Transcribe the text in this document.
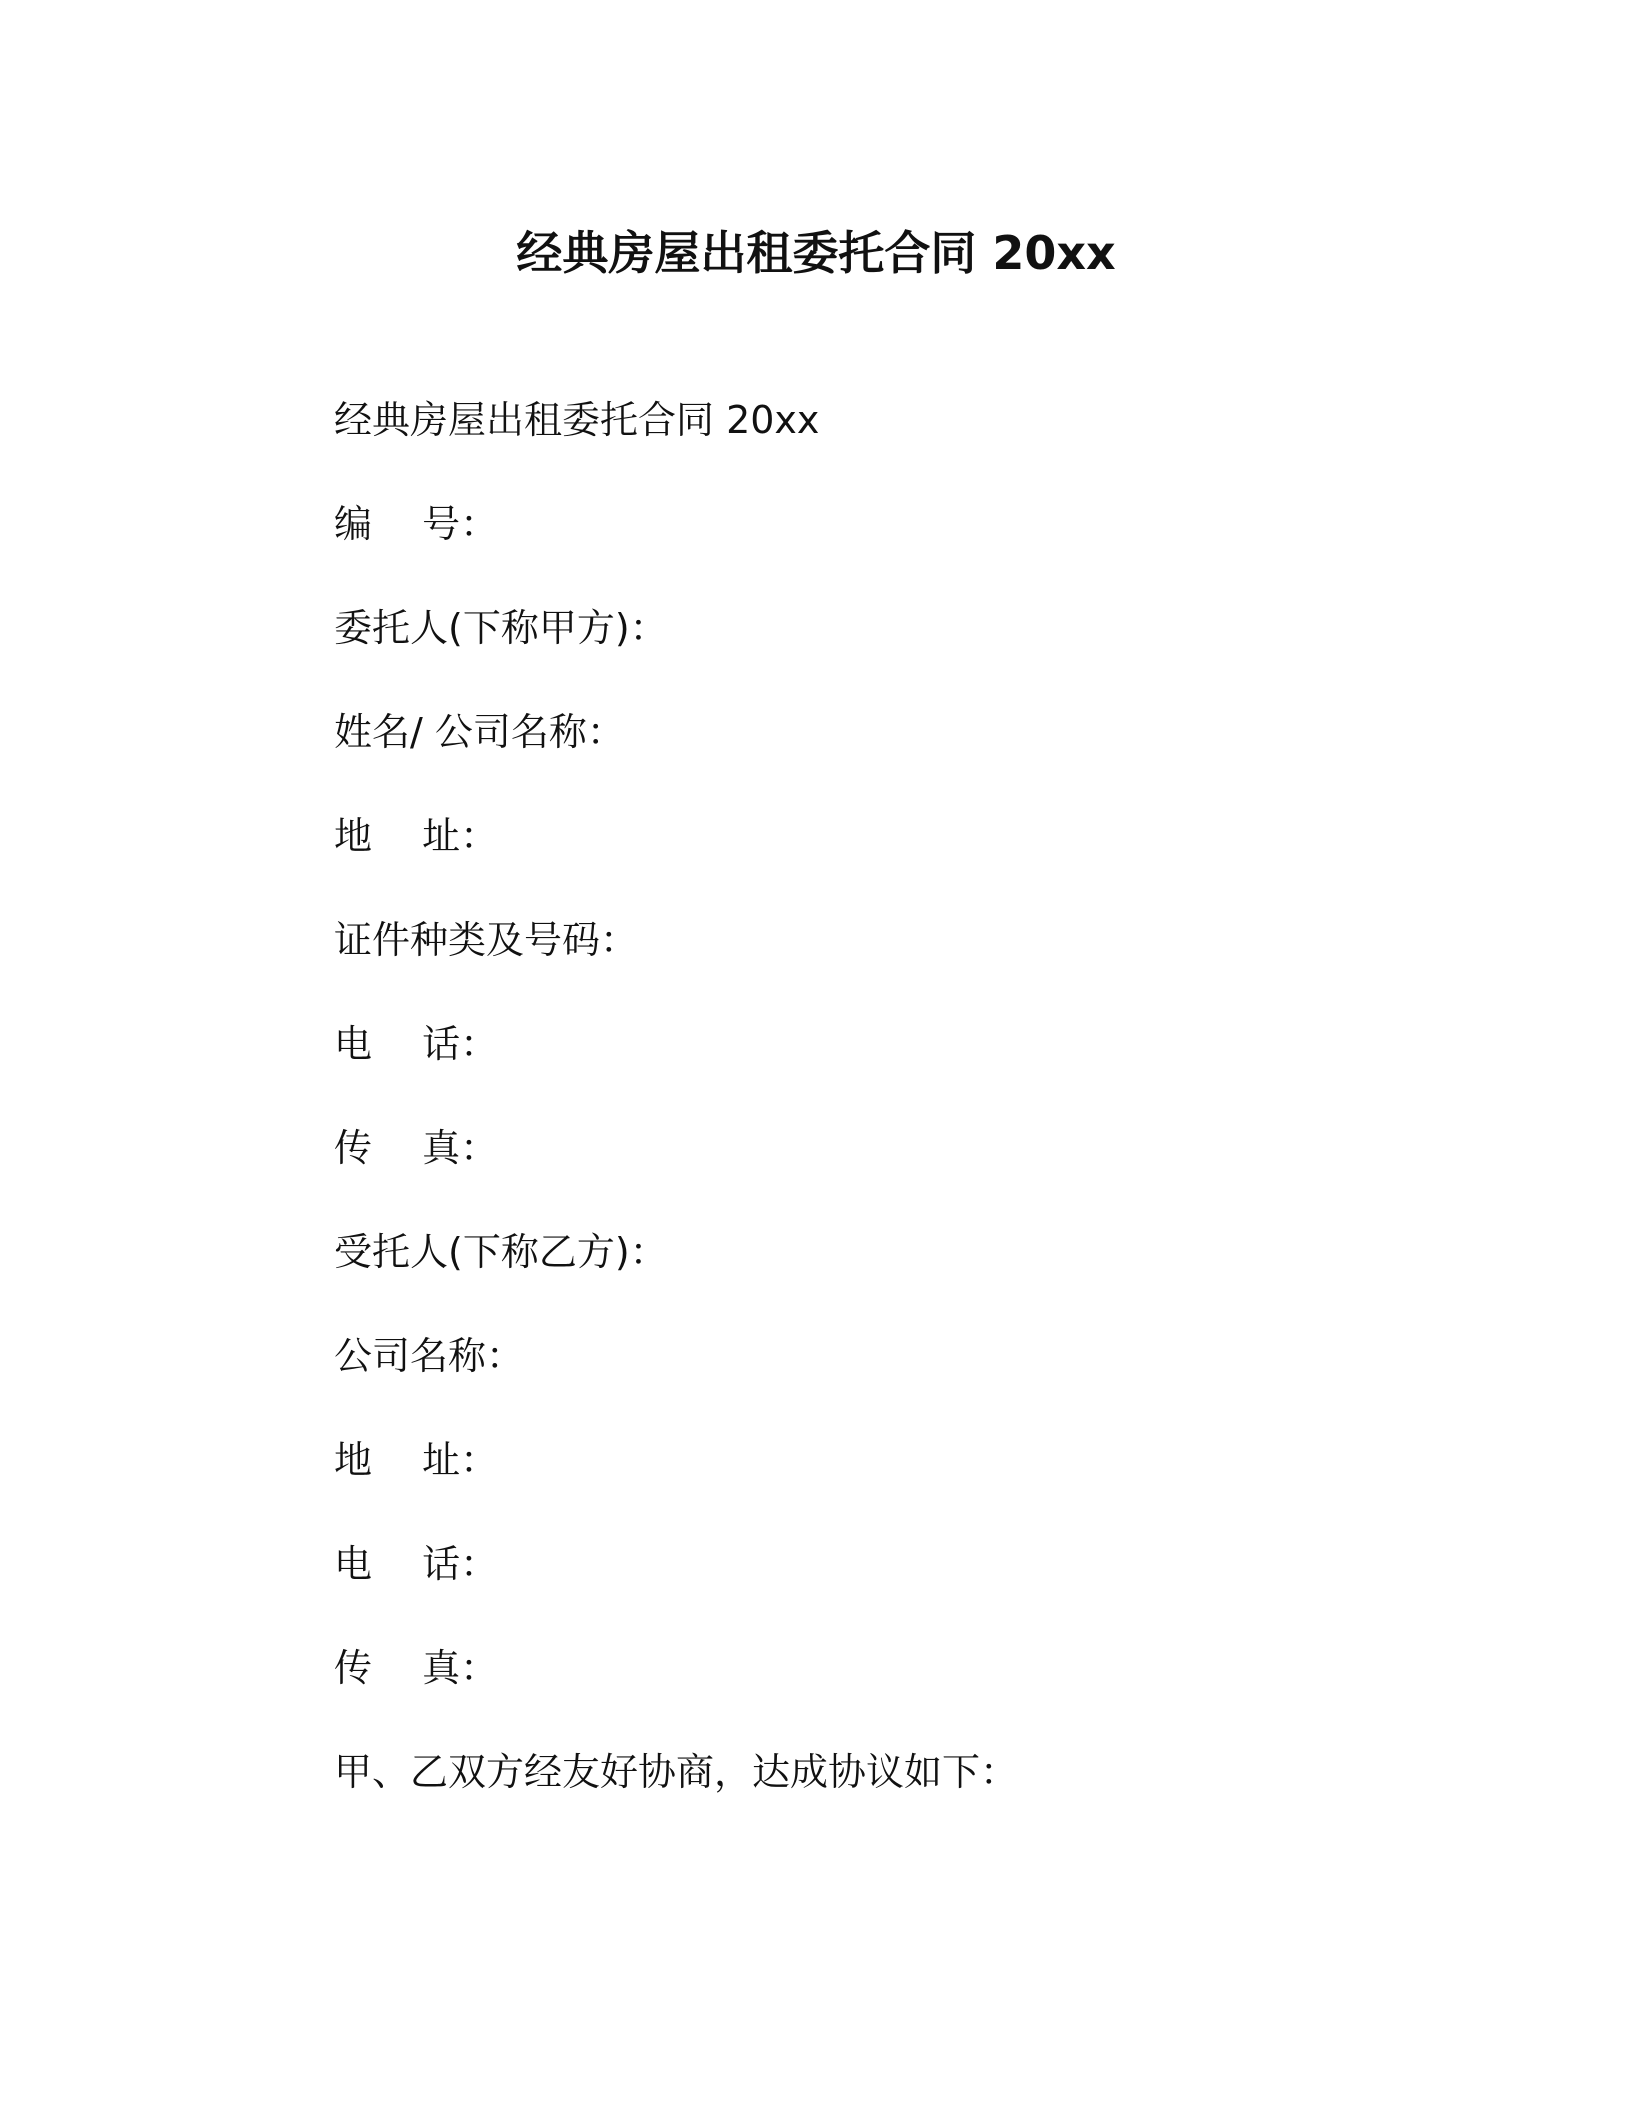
经典房屋出租委托合同 20xx
经典房屋出租委托合同 20xx
编　 号：
委托人(下称甲方)：
姓名/ 公司名称：
地　 址：
证件种类及号码：
电　 话：
传　 真：
受托人(下称乙方)：
公司名称：
地　 址：
电　 话：
传　 真：
甲、乙双方经友好协商，达成协议如下：
